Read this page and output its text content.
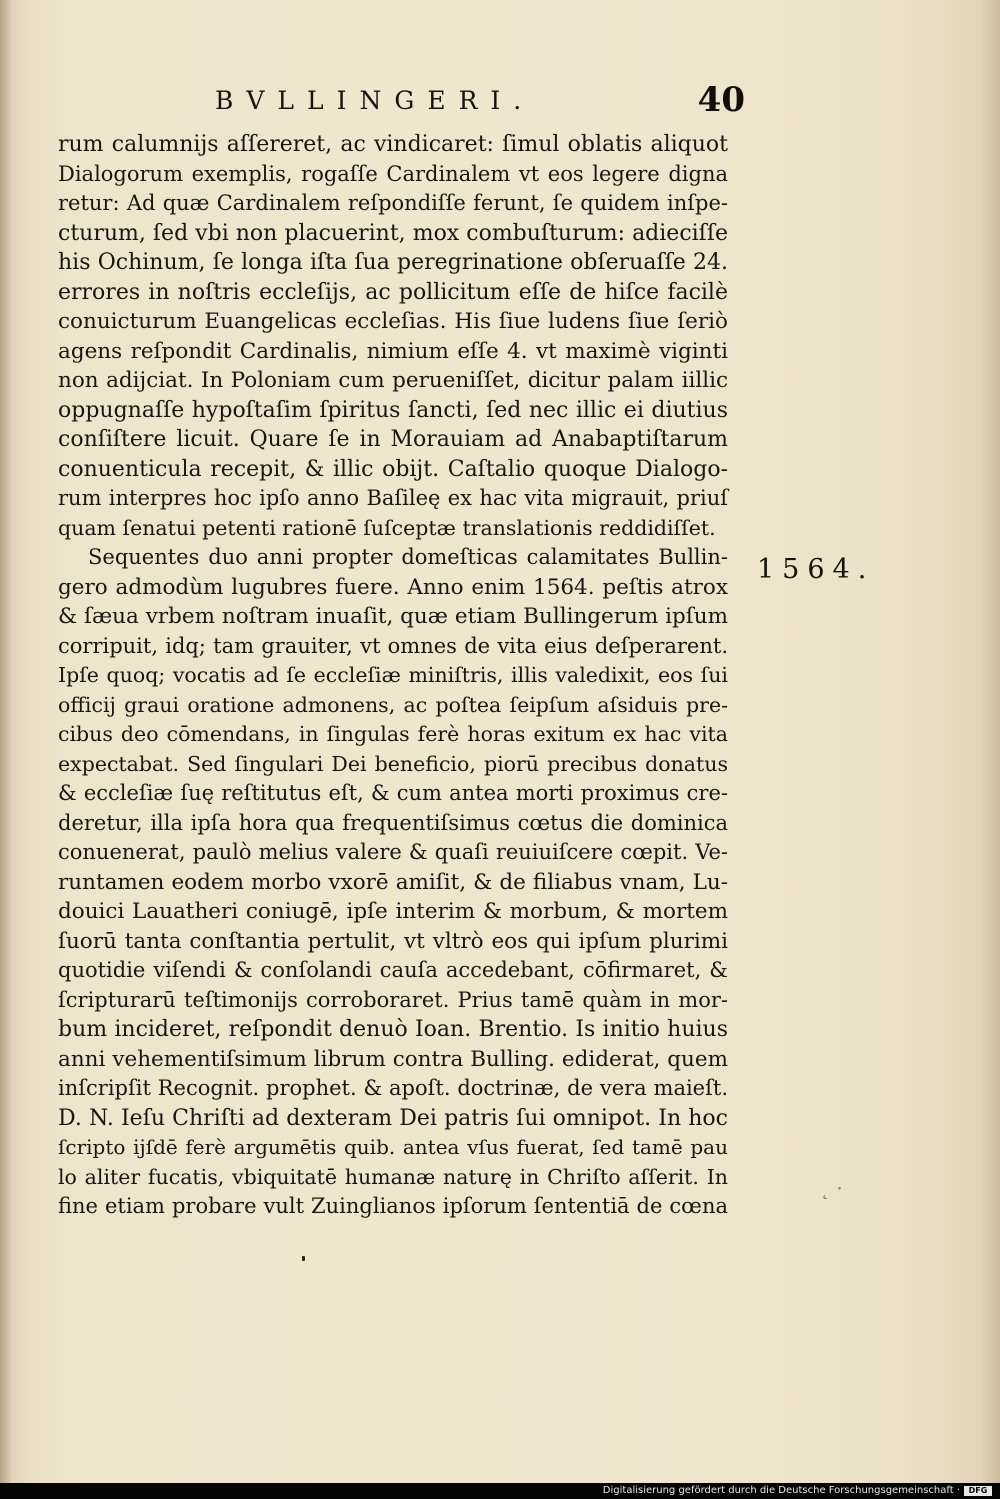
BVLLINGERI.	40
rum calumnijs aſſereret, ac vindicaret: ſimul oblatis aliquot
Dialogorum exemplis, rogaſſe Cardinalem vt eos legere digna
retur: Ad quæ Cardinalem reſpondiſſe ferunt, ſe quidem inſpe-
cturum, ſed vbi non placuerint, mox combuſturum: adieciſſe
his Ochinum, ſe longa iſta ſua peregrinatione obſeruaſſe 24.
errores in noſtris eccleſijs, ac pollicitum eſſe de hiſce facilè
conuicturum Euangelicas eccleſias. His ſiue ludens ſiue ſeriò
agens reſpondit Cardinalis, nimium eſſe 4. vt maximè viginti
non adijciat. In Poloniam cum perueniſſet, dicitur palam iillic
oppugnaſſe hypoſtaſim ſpiritus ſancti, ſed nec illic ei diutius
conſiſtere licuit. Quare ſe in Morauiam ad Anabaptiſtarum
conuenticula recepit, & illic obijt. Caſtalio quoque Dialogo-
rum interpres hoc ipſo anno Baſileę ex hac vita migrauit, priuſ
quam ſenatui petenti rationē ſuſceptæ translationis reddidiſſet.
Sequentes duo anni propter domeſticas calamitates Bullin-
gero admodùm lugubres fuere. Anno enim 1564. peſtis atrox
& ſæua vrbem noſtram inuaſit, quæ etiam Bullingerum ipſum
corripuit, idq; tam grauiter, vt omnes de vita eius deſperarent.
Ipſe quoq; vocatis ad ſe eccleſiæ miniſtris, illis valedixit, eos ſui
officij graui oratione admonens, ac poſtea ſeipſum aſsiduis pre-
cibus deo cōmendans, in ſingulas ferè horas exitum ex hac vita
expectabat. Sed ſingulari Dei beneficio, piorū precibus donatus
& eccleſiæ ſuę reſtitutus eſt, & cum antea morti proximus cre-
deretur, illa ipſa hora qua frequentiſsimus cœtus die dominica
conuenerat, paulò melius valere & quaſi reuiuiſcere cœpit. Ve-
runtamen eodem morbo vxorē amiſit, & de filiabus vnam, Lu-
douici Lauatheri coniugē, ipſe interim & morbum, & mortem
ſuorū tanta conſtantia pertulit, vt vltrò eos qui ipſum plurimi
quotidie viſendi & conſolandi cauſa accedebant, cōfirmaret, &
ſcripturarū teſtimonijs corroboraret. Prius tamē quàm in mor-
bum incideret, reſpondit denuò Ioan. Brentio. Is initio huius
anni vehementiſsimum librum contra Bulling. ediderat, quem
inſcripſit Recognit. prophet. & apoſt. doctrinæ, de vera maieſt.
D. N. Ieſu Chriſti ad dexteram Dei patris ſui omnipot. In hoc
ſcripto ijſdē ferè argumētis quib. antea vſus fuerat, ſed tamē pau
lo aliter fucatis, vbiquitatē humanæ naturę in Chriſto aſſerit. In
fine etiam probare vult Zuinglianos ipſorum ſententiā de cœna
1564.
˛ ·
Digitalisierung gefördert durch die Deutsche Forschungsgemeinschaft ·	DFG
